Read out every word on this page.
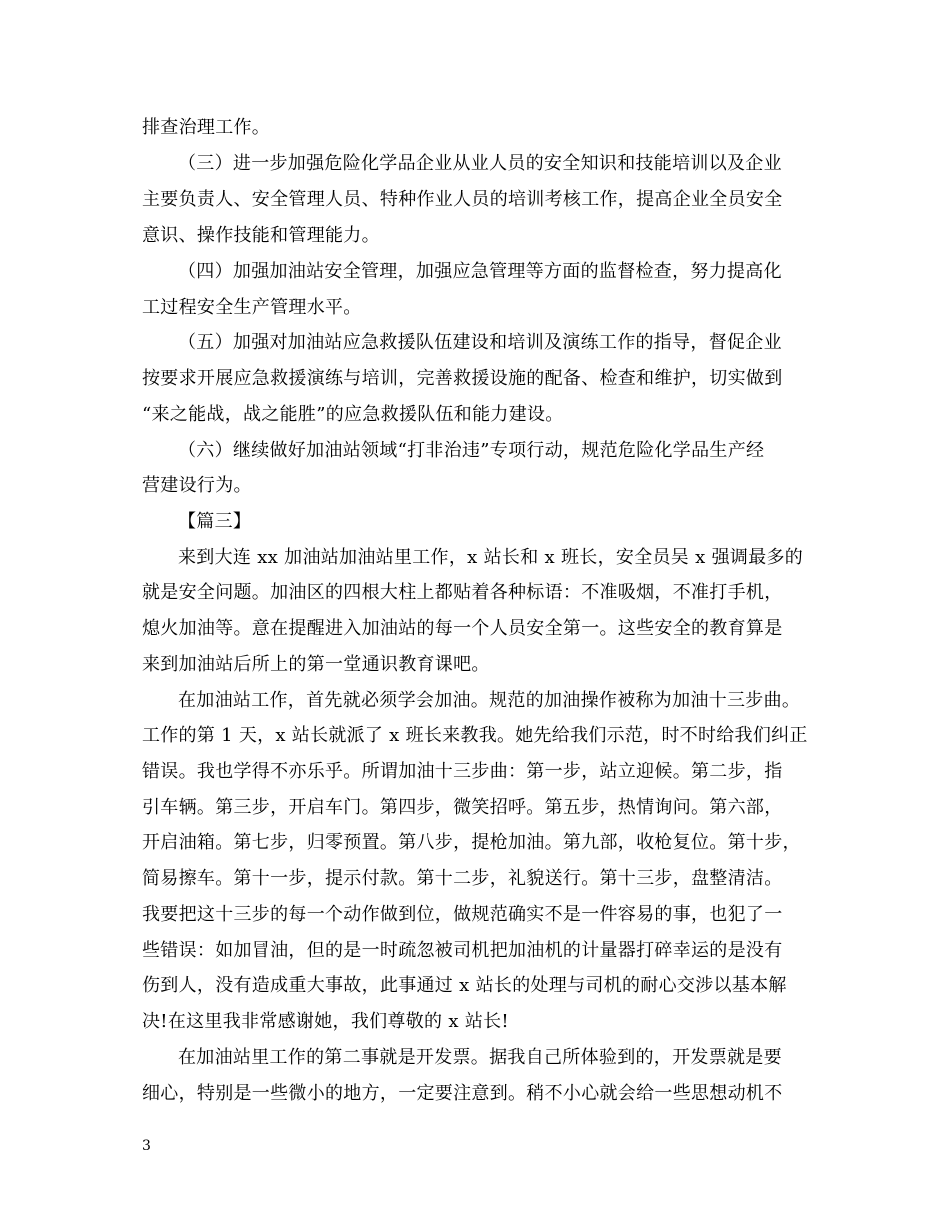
排查治理工作。
（三）进一步加强危险化学品企业从业人员的安全知识和技能培训以及企业
主要负责人、安全管理人员、特种作业人员的培训考核工作，提高企业全员安全
意识、操作技能和管理能力。
（四）加强加油站安全管理，加强应急管理等方面的监督检查，努力提高化
工过程安全生产管理水平。
（五）加强对加油站应急救援队伍建设和培训及演练工作的指导，督促企业
按要求开展应急救援演练与培训，完善救援设施的配备、检查和维护，切实做到
“来之能战，战之能胜”的应急救援队伍和能力建设。
（六）继续做好加油站领域“打非治违”专项行动，规范危险化学品生产经
营建设行为。
【篇三】
来到大连 xx 加油站加油站里工作，x 站长和 x 班长，安全员吴 x 强调最多的
就是安全问题。加油区的四根大柱上都贴着各种标语：不准吸烟，不准打手机，
熄火加油等。意在提醒进入加油站的每一个人员安全第一。这些安全的教育算是
来到加油站后所上的第一堂通识教育课吧。
在加油站工作，首先就必须学会加油。规范的加油操作被称为加油十三步曲。
工作的第 1 天，x 站长就派了 x 班长来教我。她先给我们示范，时不时给我们纠正
错误。我也学得不亦乐乎。所谓加油十三步曲：第一步，站立迎候。第二步，指
引车辆。第三步，开启车门。第四步，微笑招呼。第五步，热情询问。第六部，
开启油箱。第七步，归零预置。第八步，提枪加油。第九部，收枪复位。第十步，
简易擦车。第十一步，提示付款。第十二步，礼貌送行。第十三步，盘整清洁。
我要把这十三步的每一个动作做到位，做规范确实不是一件容易的事，也犯了一
些错误：如加冒油，但的是一时疏忽被司机把加油机的计量器打碎幸运的是没有
伤到人，没有造成重大事故，此事通过 x 站长的处理与司机的耐心交涉以基本解
决!在这里我非常感谢她，我们尊敬的 x 站长!
在加油站里工作的第二事就是开发票。据我自己所体验到的，开发票就是要
细心，特别是一些微小的地方，一定要注意到。稍不小心就会给一些思想动机不
3
